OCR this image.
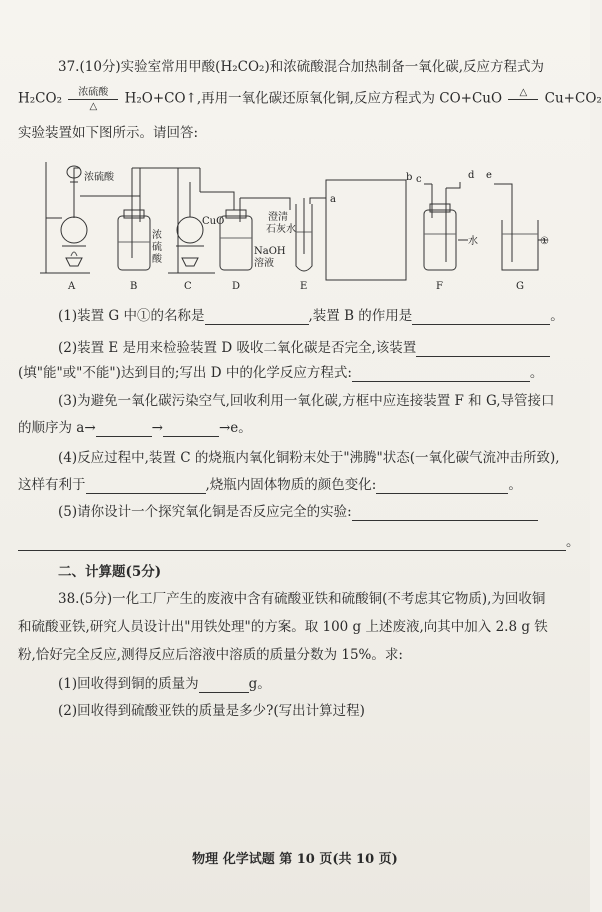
37.(10分)实验室常用甲酸(H₂CO₂)和浓硫酸混合加热制备一氧化碳,反应方程式为
$H_2CO_2 \frac{\text{浓硫酸}}{\triangle}$ H₂O+CO↑,再用一氧化碳还原氧化铜,反应方程式为 CO+CuO	△	Cu+CO₂
实验装置如下图所示。请回答:
浓硫酸
A
浓
硫
酸
B
CuO
C
NaOH
溶液
D
澄清
石灰水
E
a
c	d
b
水
F
e
①
G
(1)装置 G 中①的名称是	,装置 B 的作用是	。
(2)装置 E 是用来检验装置 D 吸收二氧化碳是否完全,该装置
(填"能"或"不能")达到目的;写出 D 中的化学反应方程式:	。
(3)为避免一氧化碳污染空气,回收利用一氧化碳,方框中应连接装置 F 和 G,导管接口
的顺序为 a→	→	→e。
(4)反应过程中,装置 C 的烧瓶内氧化铜粉末处于"沸腾"状态(一氧化碳气流冲击所致),
这样有利于	,烧瓶内固体物质的颜色变化:	。
(5)请你设计一个探究氧化铜是否反应完全的实验:
。
二、计算题(5分)
38.(5分)一化工厂产生的废液中含有硫酸亚铁和硫酸铜(不考虑其它物质),为回收铜
和硫酸亚铁,研究人员设计出"用铁处理"的方案。取 100 g 上述废液,向其中加入 2.8 g 铁
粉,恰好完全反应,测得反应后溶液中溶质的质量分数为 15%。求:
(1)回收得到铜的质量为	g。
(2)回收得到硫酸亚铁的质量是多少?(写出计算过程)
物理 化学试题 第 10 页(共 10 页)
